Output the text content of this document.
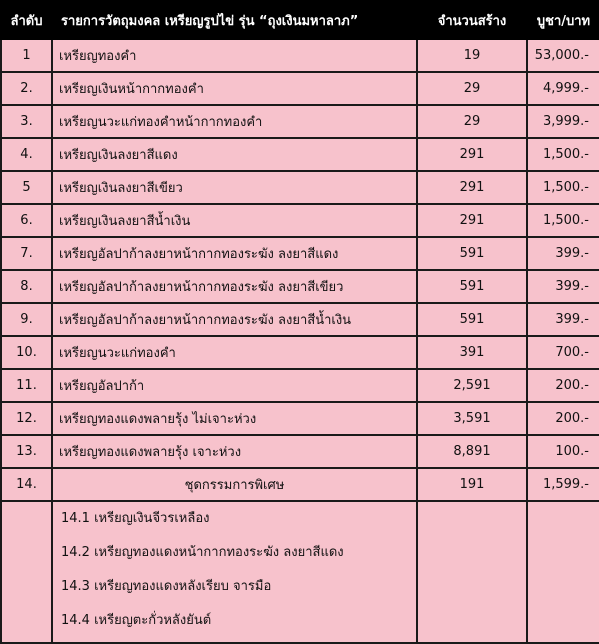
ลำดับ	รายการวัตถุมงคล เหรียญรูปไข่ รุ่น “ถุงเงินมหาลาภ”	จำนวนสร้าง	บูชา/บาท
1	เหรียญทองคำ	19	53,000.-
2.	เหรียญเงินหน้ากากทองคำ	29	4,999.-
3.	เหรียญนวะแก่ทองคำหน้ากากทองคำ	29	3,999.-
4.	เหรียญเงินลงยาสีแดง	291	1,500.-
5	เหรียญเงินลงยาสีเขียว	291	1,500.-
6.	เหรียญเงินลงยาสีน้ำเงิน	291	1,500.-
7.	เหรียญอัลปาก้าลงยาหน้ากากทองระฆัง ลงยาสีแดง	591	399.-
8.	เหรียญอัลปาก้าลงยาหน้ากากทองระฆัง ลงยาสีเขียว	591	399.-
9.	เหรียญอัลปาก้าลงยาหน้ากากทองระฆัง ลงยาสีน้ำเงิน	591	399.-
10.	เหรียญนวะแก่ทองคำ	391	700.-
11.	เหรียญอัลปาก้า	2,591	200.-
12.	เหรียญทองแดงพลายรุ้ง ไม่เจาะห่วง	3,591	200.-
13.	เหรียญทองแดงพลายรุ้ง เจาะห่วง	8,891	100.-
14.	ชุดกรรมการพิเศษ	191	1,599.-

	14.1 เหรียญเงินจีวรเหลือง
14.2 เหรียญทองแดงหน้ากากทองระฆัง ลงยาสีแดง
14.3 เหรียญทองแดงหลังเรียบ จารมือ
14.4 เหรียญตะกั่วหลังยันต์		
